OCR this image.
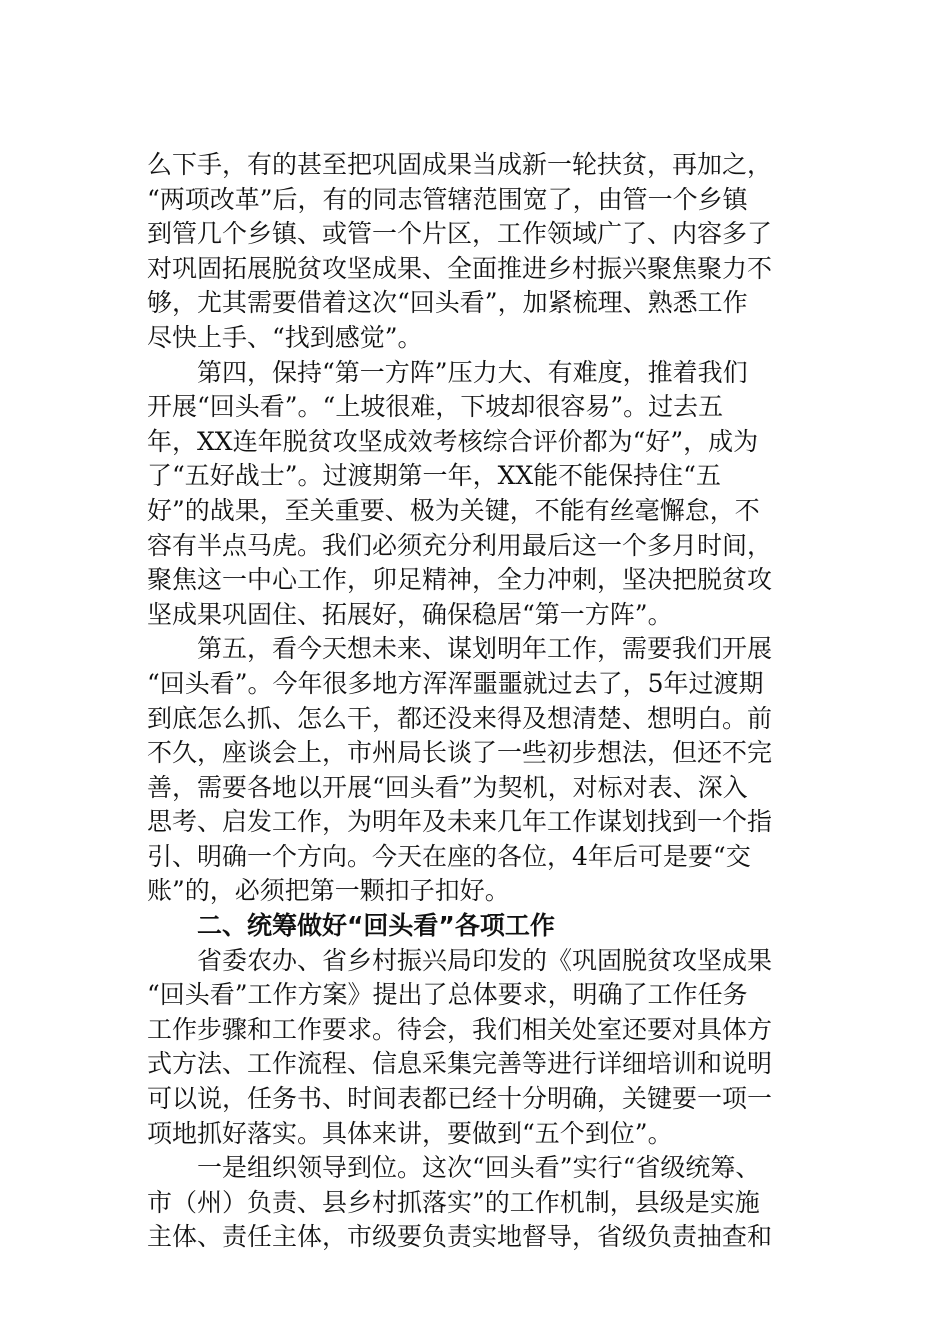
么下手，有的甚至把巩固成果当成新一轮扶贫，再加之，
“两项改革”后，有的同志管辖范围宽了，由管一个乡镇
到管几个乡镇、或管一个片区，工作领域广了、内容多了
对巩固拓展脱贫攻坚成果、全面推进乡村振兴聚焦聚力不
够，尤其需要借着这次“回头看”，加紧梳理、熟悉工作
尽快上手、“找到感觉”。
　　第四，保持“第一方阵”压力大、有难度，推着我们
开展“回头看”。“上坡很难，下坡却很容易”。过去五
年，XX连年脱贫攻坚成效考核综合评价都为“好”，成为
了“五好战士”。过渡期第一年，XX能不能保持住“五
好”的战果，至关重要、极为关键，不能有丝毫懈怠，不
容有半点马虎。我们必须充分利用最后这一个多月时间，
聚焦这一中心工作，卯足精神，全力冲刺，坚决把脱贫攻
坚成果巩固住、拓展好，确保稳居“第一方阵”。
　　第五，看今天想未来、谋划明年工作，需要我们开展
“回头看”。今年很多地方浑浑噩噩就过去了，5年过渡期
到底怎么抓、怎么干，都还没来得及想清楚、想明白。前
不久，座谈会上，市州局长谈了一些初步想法，但还不完
善，需要各地以开展“回头看”为契机，对标对表、深入
思考、启发工作，为明年及未来几年工作谋划找到一个指
引、明确一个方向。今天在座的各位，4年后可是要“交
账”的，必须把第一颗扣子扣好。
　　二、统筹做好“回头看”各项工作
　　省委农办、省乡村振兴局印发的《巩固脱贫攻坚成果
“回头看”工作方案》提出了总体要求，明确了工作任务
工作步骤和工作要求。待会，我们相关处室还要对具体方
式方法、工作流程、信息采集完善等进行详细培训和说明
可以说，任务书、时间表都已经十分明确，关键要一项一
项地抓好落实。具体来讲，要做到“五个到位”。
　　一是组织领导到位。这次“回头看”实行“省级统筹、
市（州）负责、县乡村抓落实”的工作机制，县级是实施
主体、责任主体，市级要负责实地督导，省级负责抽查和
